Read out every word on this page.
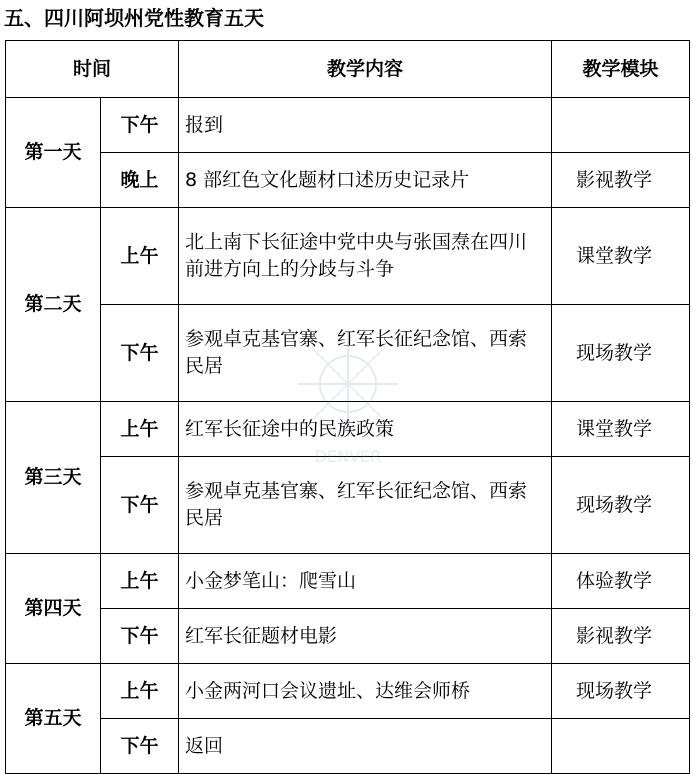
五、四川阿坝州党性教育五天
时间		教学内容	教学模块
第一天	下午	报到	
	晚上	8 部红色文化题材口述历史记录片	影视教学
第二天	上午	北上南下长征途中党中央与张国焘在四川前进方向上的分歧与斗争	课堂教学
	下午	参观卓克基官寨、红军长征纪念馆、西索民居	现场教学
第三天	上午	红军长征途中的民族政策	课堂教学
	下午	参观卓克基官寨、红军长征纪念馆、西索民居	现场教学
第四天	上午	小金梦笔山：爬雪山	体验教学
	下午	红军长征题材电影	影视教学
第五天	上午	小金两河口会议遗址、达维会师桥	现场教学
	下午	返回	
DENVER
